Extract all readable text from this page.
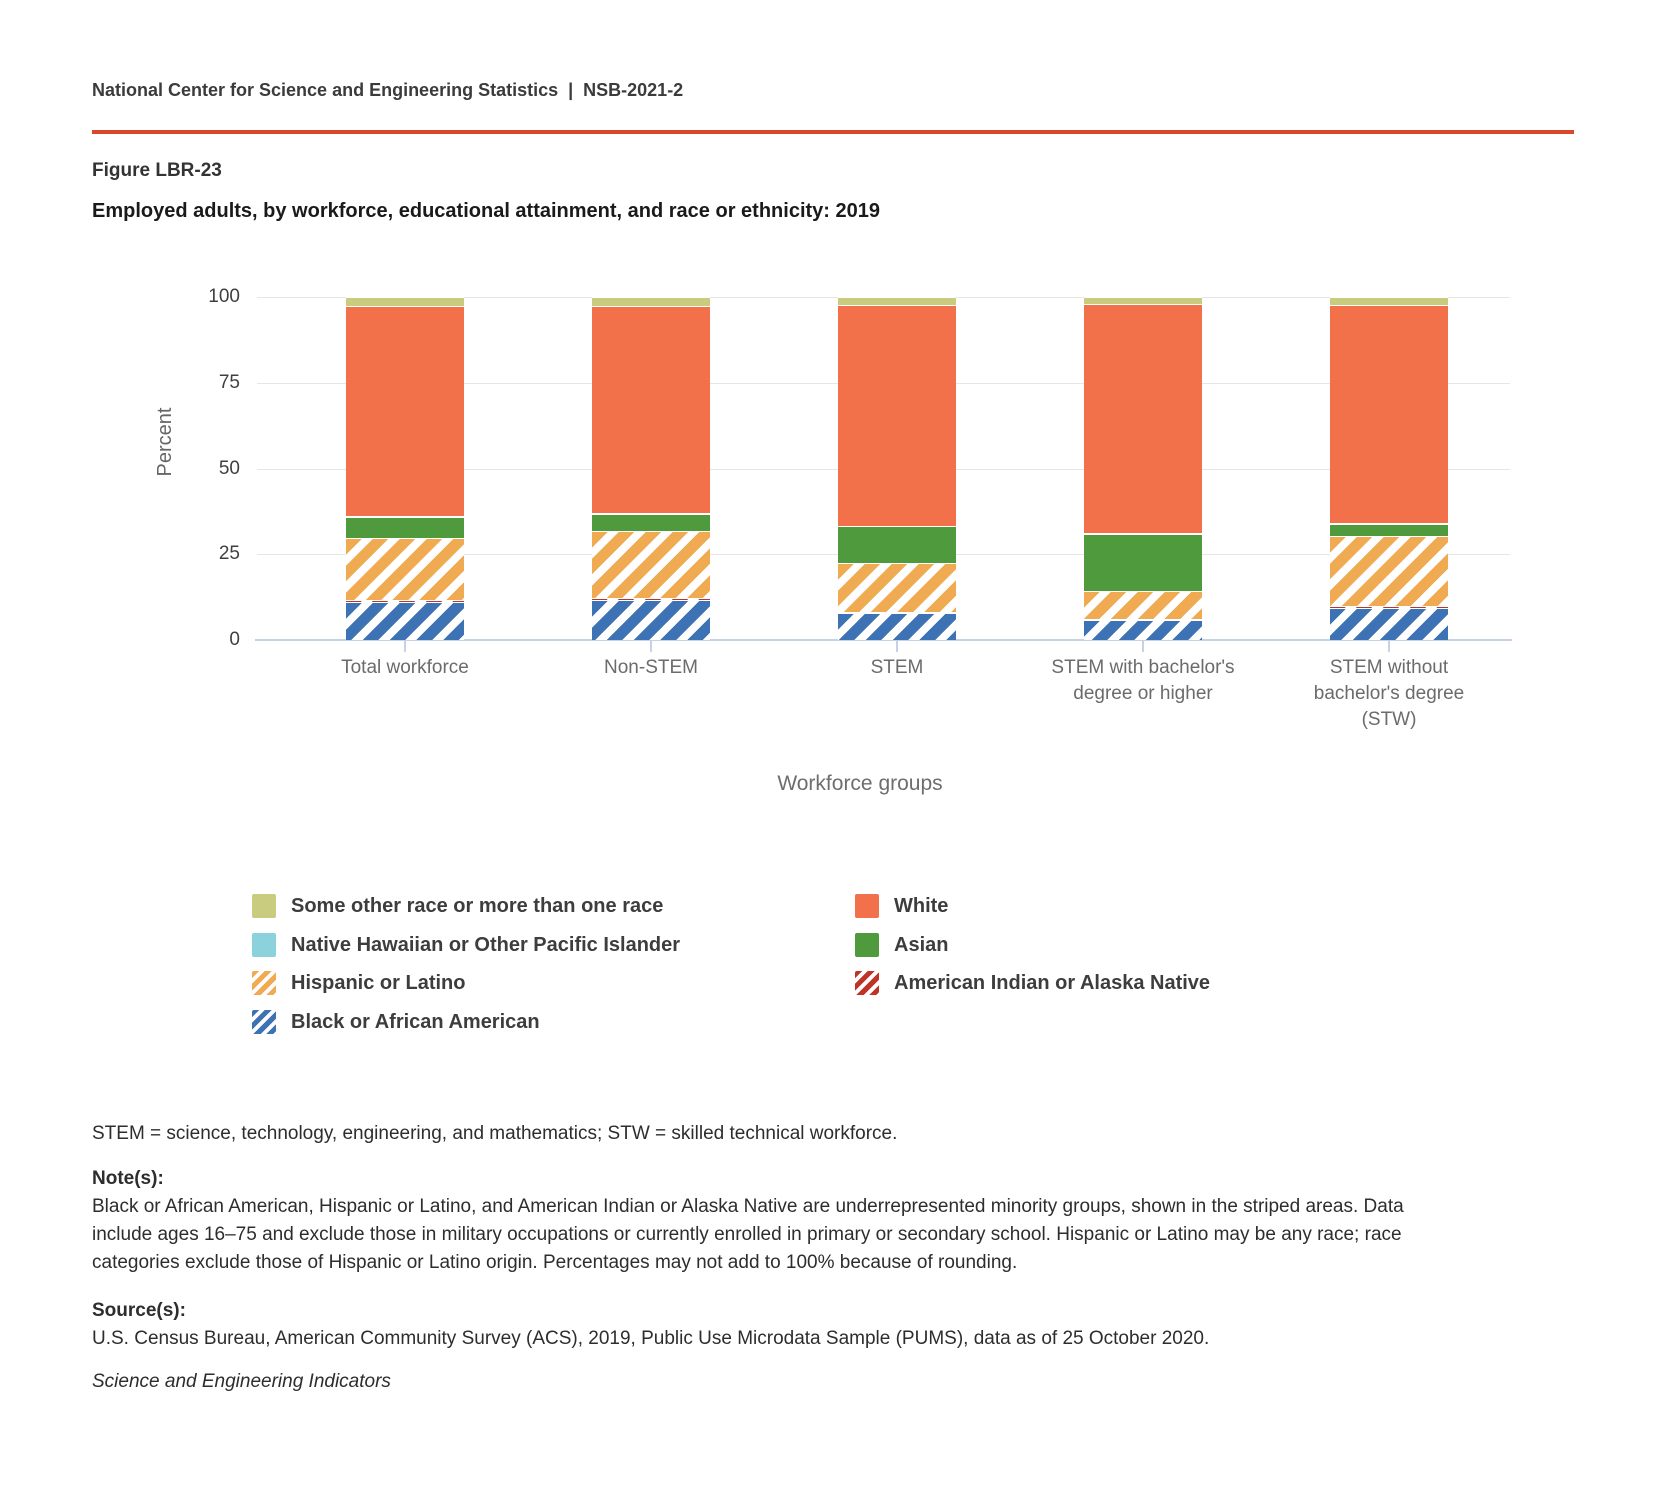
National Center for Science and Engineering Statistics  |  NSB-2021-2
Figure LBR-23
Employed adults, by workforce, educational attainment, and race or ethnicity: 2019
0
25
50
75
100
Total workforce	Non-STEM	STEM	STEM with bachelor's degree or higher
STEM without bachelor's degree (STW)
Percent
Workforce groups
Some other race or more than one race
Native Hawaiian or Other Pacific Islander
Hispanic or Latino
Black or African American
White
Asian
American Indian or Alaska Native
STEM = science, technology, engineering, and mathematics; STW = skilled technical workforce.
Note(s):
Black or African American, Hispanic or Latino, and American Indian or Alaska Native are underrepresented minority groups, shown in the striped areas. Data include ages 16–75 and exclude those in military occupations or currently enrolled in primary or secondary school. Hispanic or Latino may be any race; race categories exclude those of Hispanic or Latino origin. Percentages may not add to 100% because of rounding.
Source(s):
U.S. Census Bureau, American Community Survey (ACS), 2019, Public Use Microdata Sample (PUMS), data as of 25 October 2020.
Science and Engineering Indicators
